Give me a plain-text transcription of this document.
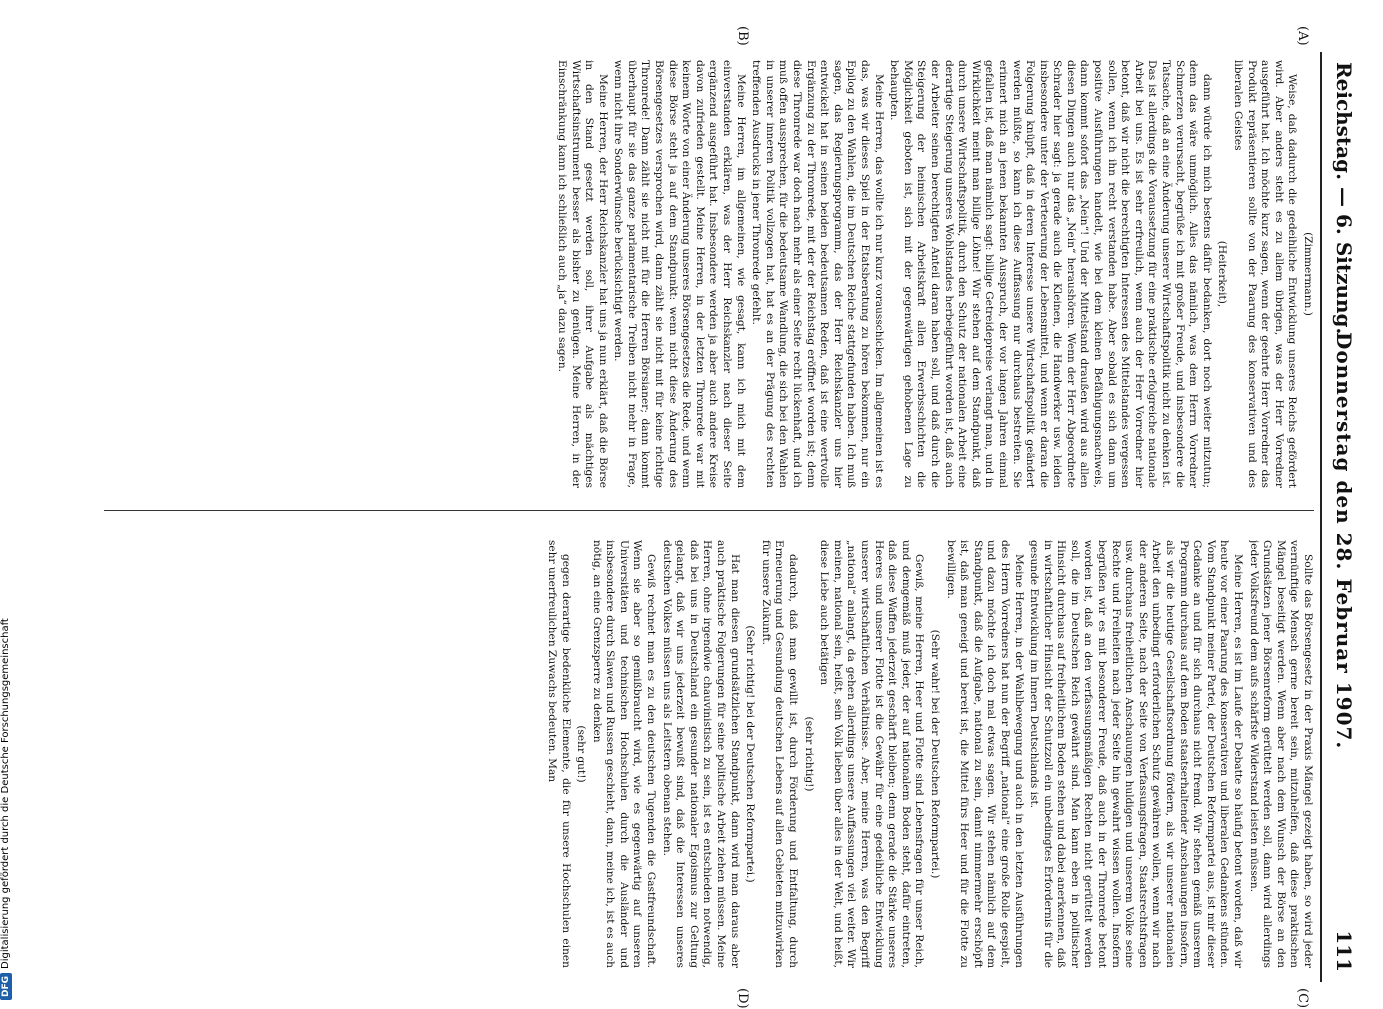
Reichstag. — 6. Sitzung.
Donnerstag den 28. Februar 1907.
111
(A)
(B)
(C)
(D)

(Zimmermann.)

Weise, daß dadurch die gedeihliche Entwicklung unseres Reichs gefördert wird. Aber anders steht es zu allem übrigen, was der Herr Vorredner ausgeführt hat. Ich möchte kurz sagen, wenn der geehrte Herr Vorredner das Produkt repräsentieren sollte von der Paarung des konservativen und des liberalen Geistes

(Heiterkeit),

dann würde ich mich bestens dafür bedanken, dort noch weiter mitzutun; denn das wäre unmöglich. Alles das nämlich, was dem Herrn Vorredner Schmerzen verursacht, begrüße ich mit großer Freude, und insbesondere die Tatsache, daß an eine Änderung unserer Wirtschaftspolitik nicht zu denken ist. Das ist allerdings die Voraussetzung für eine praktische erfolgreiche nationale Arbeit bei uns. Es ist sehr erfreulich, wenn auch der Herr Vorredner hier betont, daß wir nicht die berechtigten Interessen des Mittelstandes vergessen sollen, wenn ich ihn recht verstanden habe. Aber sobald es sich dann um positive Ausführungen handelt, wie bei dem kleinen Befähigungsnachweis, dann kommt sofort das „Nein“! Und der Mittelstand draußen wird aus allen diesen Dingen auch nur das „Nein“ heraushören. Wenn der Herr Abgeordnete Schrader hier sagt: ja gerade auch die Kleinen, die Handwerker usw. leiden insbesondere unter der Verteuerung der Lebensmittel, und wenn er daran die Folgerung knüpft, daß in deren Interesse unsere Wirtschaftspolitik geändert werden müßte, so kann ich diese Auffassung nur durchaus bestreiten. Sie erinnert mich an jenen bekannten Ausspruch, der vor langen Jahren einmal gefallen ist, daß man nämlich sagt: billige Getreidepreise verlangt man, und in Wirklichkeit meint man billige Löhne! Wir stehen auf dem Standpunkt, daß durch unsere Wirtschaftspolitik, durch den Schutz der nationalen Arbeit eine derartige Steigerung unseres Wohlstandes herbeigeführt worden ist, daß auch der Arbeiter seinen berechtigten Anteil daran haben soll, und daß durch die Steigerung der heimischen Arbeitskraft allen Erwerbsschichten die Möglichkeit geboten ist, sich mit der gegenwärtigen gehobenen Lage zu behaupten.

Meine Herren, das wollte ich nur kurz vorausschicken. Im allgemeinen ist es das, was wir dieses Spiel in der Etatsberatung zu hören bekommen, nur ein Epilog zu den Wahlen, die im Deutschen Reiche stattgefunden haben. Ich muß sagen, das Regierungsprogramm, das der Herr Reichskanzler uns hier entwickelt hat in seinen beiden bedeutsamen Reden, daß ist eine wertvolle Ergänzung zu der Thronrede, mit der der Reichstag eröffnet worden ist; denn diese Thronrede war doch nach mehr als einer Seite recht lückenhaft, und ich muß offen aussprechen, für die bedeutsame Wandlung, die sich bei den Wahlen in unserer inneren Politik vollzogen hat, hat es an der Prägung des rechten treffenden Ausdrucks in jener Thronrede gefehlt.

Meine Herren, im allgemeinen, wie gesagt, kann ich mich mit dem einverstanden erklären, was der Herr Reichskanzler nach dieser Seite ergänzend ausgeführt hat. Insbesondere werden ja aber auch andere Kreise davon zufrieden gestellt. Meine Herren, in der letzten Thronrede war mit keinem Worte von einer Änderung unseres Börsengesetzes die Rede, und wenn diese Börse steht ja auf dem Standpunkt: wenn nicht diese Änderung des Börsengesetzes versprochen wird, dann zählt sie nicht mit für keine richtige Thronrede! Dann zählt sie nicht mit für die Herren Börsianer; dann kommt überhaupt für sie das ganze parlamentarische Treiben nicht mehr in Frage, wenn nicht ihre Sonderwünsche berücksichtigt werden.

Meine Herren, der Herr Reichskanzler hat uns ja nun erklärt, daß die Börse in den Stand gesetzt werden soll, ihrer Aufgabe als mächtiges Wirtschaftsinstrument besser als bisher zu genügen. Meine Herren, in der Einschränkung kann ich schließlich auch „ja“ dazu sagen.

Sollte das Börsengesetz in der Praxis Mängel gezeigt haben, so wird jeder vernünftige Mensch gerne bereit sein, mitzuhelfen, daß diese praktischen Mängel beseitigt werden. Wenn aber nach dem Wunsch der Börse an den Grundsätzen jener Börsenreform gerüttelt werden soll, dann wird allerdings jeder Volksfreund dem aufs schärfste Widerstand leisten müssen.

Meine Herren, es ist im Laufe der Debatte so häufig betont worden, daß wir heute vor einer Paarung des konservativen und liberalen Gedankens stünden. Vom Standpunkt meiner Partei, der Deutschen Reformpartei aus, ist mir dieser Gedanke an und für sich durchaus nicht fremd. Wir stehen gemäß unserem Programm durchaus auf dem Boden staatserhaltender Anschauungen insofern, als wir die heutige Gesellschaftsordnung fördern, als wir unserer nationalen Arbeit den unbedingt erforderlichen Schutz gewähren wollen, wenn wir nach der anderen Seite, nach der Seite von Verfassungsfragen, Staatsrechtsfragen usw. durchaus freiheitlichen Anschauungen huldigen und unserem Volke seine Rechte und Freiheiten nach jeder Seite hin gewahrt wissen wollen. Insofern begrüßen wir es mit besonderer Freude, daß auch in der Thronrede betont worden ist, daß an den verfassungsmäßigen Rechten nicht gerüttelt werden soll, die im Deutschen Reich gewährt sind. Man kann eben in politischer Hinsicht durchaus auf freiheitlichem Boden stehen und dabei anerkennen, daß in wirtschaftlicher Hinsicht der Schutzzoll ein unbedingtes Erfordernis für die gesunde Entwicklung im Innern Deutschlands ist.

Meine Herren, in der Wahlbewegung und auch in den letzten Ausführungen des Herrn Vorredners hat nun der Begriff „national“ eine große Rolle gespielt, und dazu möchte ich doch mal etwas sagen. Wir stehen nämlich auf dem Standpunkt, daß die Aufgabe, national zu sein, damit nimmermehr erschöpft ist, daß man geneigt und bereit ist, die Mittel fürs Heer und für die Flotte zu bewilligen.

(Sehr wahr! bei der Deutschen Reformpartei.)

Gewiß, meine Herren, Heer und Flotte sind Lebensfragen für unser Reich, und demgemäß muß jeder, der auf nationalem Boden steht, dafür eintreten, daß diese Waffen jederzeit geschärft bleiben; denn gerade die Stärke unseres Heeres und unserer Flotte ist die Gewähr für eine gedeihliche Entwicklung unserer wirtschaftlichen Verhältnisse. Aber, meine Herren, was den Begriff „national“ anlangt, da gehen allerdings unsere Auffassungen viel weiter. Wir meinen, national sein, heißt, sein Volk lieben über alles in der Welt, und heißt, diese Liebe auch betätigen

(sehr richtig!)

dadurch, daß man gewillt ist, durch Förderung und Entfaltung, durch Erneuerung und Gesundung deutschen Lebens auf allen Gebieten mitzuwirken für unsere Zukunft.

(Sehr richtig! bei der Deutschen Reformpartei.)

Hat man diesen grundsätzlichen Standpunkt, dann wird man daraus aber auch praktische Folgerungen für seine politische Arbeit ziehen müssen. Meine Herren, ohne irgendwie chauvinistisch zu sein, ist es entschieden notwendig, daß bei uns in Deutschland ein gesunder nationaler Egoismus zur Geltung gelangt, daß wir uns jederzeit bewußt sind, daß die Interessen unseres deutschen Volkes müssen uns als Leitstern obenan stehen.

Gewiß rechnet man es zu den deutschen Tugenden die Gastfreundschaft. Wenn sie aber so gemißbraucht wird, wie es gegenwärtig auf unseren Universitäten und technischen Hochschulen durch die Ausländer und insbesondere durch Slawen und Russen geschieht, dann, meine ich, ist es auch nötig, an eine Grenzsperre zu denken

(sehr gut!)

gegen derartige bedenkliche Elemente, die für unsere Hochschulen einen sehr unerfreulichen Zuwachs bedeuten. Man

DFGDigitalisierung gefördert durch die Deutsche Forschungsgemeinschaft
